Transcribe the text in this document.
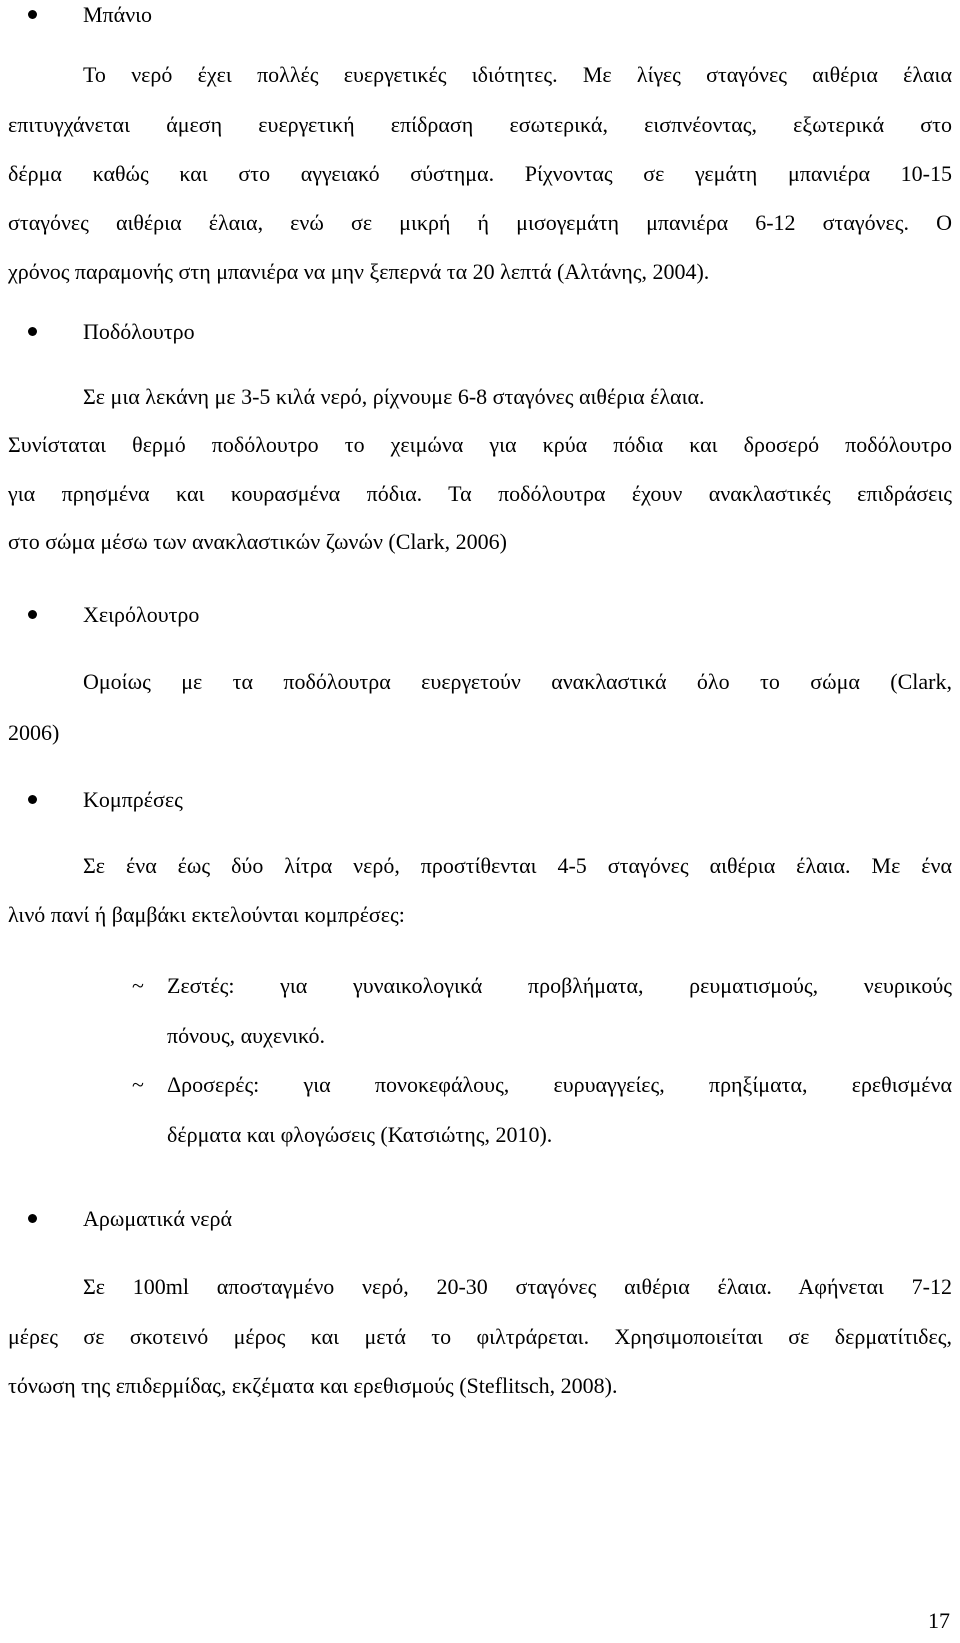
Μπάνιο
Το νερό έχει πολλές ευεργετικές ιδιότητες. Με λίγες σταγόνες αιθέρια έλαια
επιτυγχάνεται άμεση ευεργετική επίδραση εσωτερικά, εισπνέοντας, εξωτερικά στο
δέρμα καθώς και στο αγγειακό σύστημα. Ρίχνοντας σε γεμάτη μπανιέρα 10-15
σταγόνες αιθέρια έλαια, ενώ σε μικρή ή μισογεμάτη μπανιέρα 6-12 σταγόνες. Ο
χρόνος παραμονής στη μπανιέρα να μην ξεπερνά τα 20 λεπτά (Αλτάνης, 2004).
Ποδόλουτρο
Σε μια λεκάνη με 3-5 κιλά νερό, ρίχνουμε 6-8 σταγόνες αιθέρια έλαια.
Συνίσταται θερμό ποδόλουτρο το χειμώνα για κρύα πόδια και δροσερό ποδόλουτρο
για πρησμένα και κουρασμένα πόδια. Τα ποδόλουτρα έχουν ανακλαστικές επιδράσεις
στο σώμα μέσω των ανακλαστικών ζωνών (Clark, 2006)
Χειρόλουτρο
Ομοίως με τα ποδόλουτρα ευεργετούν ανακλαστικά όλο το σώμα (Clark,
2006)
Κομπρέσες
Σε ένα έως δύο λίτρα νερό, προστίθενται 4-5 σταγόνες αιθέρια έλαια. Με ένα
λινό πανί ή βαμβάκι εκτελούνται κομπρέσες:
~ Ζεστές: για γυναικολογικά προβλήματα, ρευματισμούς, νευρικούς
πόνους, αυχενικό.
~ Δροσερές: για πονοκεφάλους, ευρυαγγείες, πρηξίματα, ερεθισμένα
δέρματα και φλογώσεις (Κατσιώτης, 2010).
Αρωματικά νερά
Σε 100ml αποσταγμένο νερό, 20-30 σταγόνες αιθέρια έλαια. Αφήνεται 7-12
μέρες σε σκοτεινό μέρος και μετά το φιλτράρεται. Χρησιμοποιείται σε δερματίτιδες,
τόνωση της επιδερμίδας, εκζέματα και ερεθισμούς (Steflitsch, 2008).
17
